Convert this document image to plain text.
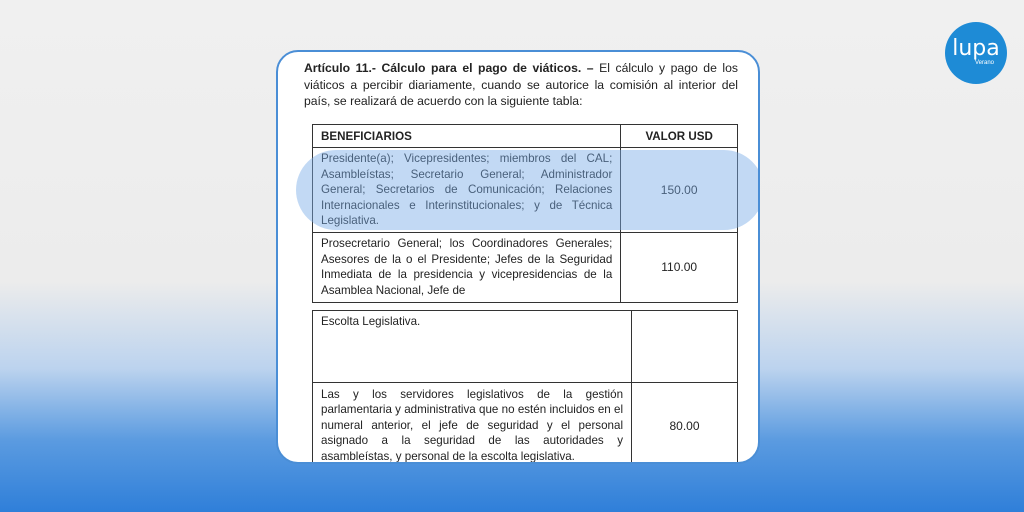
lupa
Verano
Artículo 11.- Cálculo para el pago de viáticos. – El cálculo y pago de los viáticos a percibir diariamente, cuando se autorice la comisión al interior del país, se realizará de acuerdo con la siguiente tabla:
BENEFICIARIOS	VALOR USD
Presidente(a); Vicepresidentes; miembros del CAL; Asambleístas; Secretario General; Administrador General; Secretarios de Comunicación; Relaciones Internacionales e Interinstitucionales; y de Técnica Legislativa.	150.00
Prosecretario General; los Coordinadores Generales; Asesores de la o el Presidente; Jefes de la Seguridad Inmediata de la presidencia y vicepresidencias de la Asamblea Nacional, Jefe de	110.00
Escolta Legislativa.	
Las y los servidores legislativos de la gestión parlamentaria y administrativa que no estén incluidos en el numeral anterior, el jefe de seguridad y el personal asignado a la seguridad de las autoridades y asambleístas, y personal de la escolta legislativa.	80.00
